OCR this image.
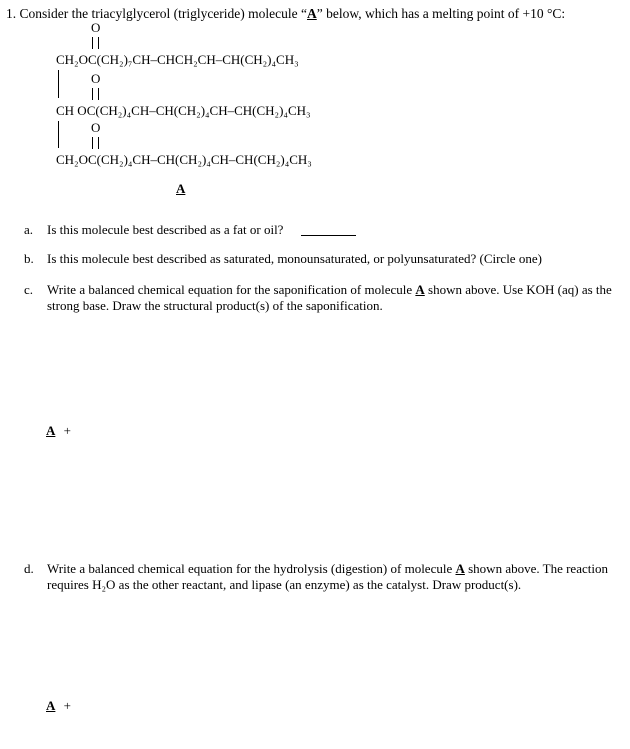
1. Consider the triacylglycerol (triglyceride) molecule “A” below, which has a melting point of +10 °C:
O
CH₂OC(CH₂)₇CH–CHCH₂CH–CH(CH₂)₄CH₃
O
CH OC(CH₂)₄CH–CH(CH₂)₄CH–CH(CH₂)₄CH₃
O
CH₂OC(CH₂)₄CH–CH(CH₂)₄CH–CH(CH₂)₄CH₃
A
a. Is this molecule best described as a fat or oil?
b. Is this molecule best described as saturated, monounsaturated, or polyunsaturated? (Circle one)
c. Write a balanced chemical equation for the saponification of molecule A shown above. Use KOH (aq) as the strong base. Draw the structural product(s) of the saponification.
A +
d. Write a balanced chemical equation for the hydrolysis (digestion) of molecule A shown above. The reaction requires H₂O as the other reactant, and lipase (an enzyme) as the catalyst. Draw product(s).
A +
